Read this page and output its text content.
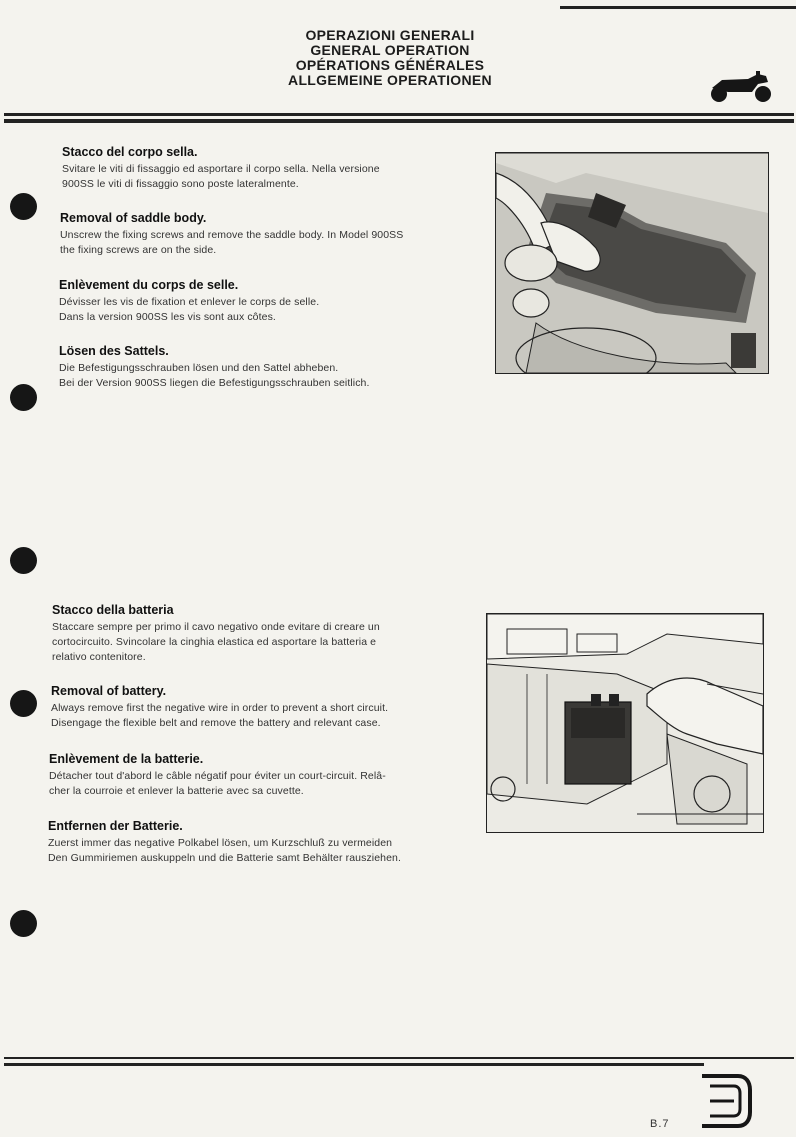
OPERAZIONI GENERALI
GENERAL OPERATION
OPÉRATIONS GÉNÉRALES
ALLGEMEINE OPERATIONEN
Stacco del corpo sella.

Svitare le viti di fissaggio ed asportare il corpo sella. Nella versione
900SS le viti di fissaggio sono poste lateralmente.

Removal of saddle body.

Unscrew the fixing screws and remove the saddle body. In Model 900SS
the fixing screws are on the side.

Enlèvement du corps de selle.

Dévisser les vis de fixation et enlever le corps de selle.
Dans la version 900SS les vis sont aux côtes.

Lösen des Sattels.

Die Befestigungsschrauben lösen und den Sattel abheben.
Bei der Version 900SS liegen die Befestigungsschrauben seitlich.

Stacco della batteria

Staccare sempre per primo il cavo negativo onde evitare di creare un
cortocircuito. Svincolare la cinghia elastica ed asportare la batteria e
relativo contenitore.

Removal of battery.

Always remove first the negative wire in order to prevent a short circuit.
Disengage the flexible belt and remove the battery and relevant case.

Enlèvement de la batterie.

Détacher tout d'abord le câble négatif pour éviter un court-circuit. Relâ-
cher la courroie et enlever la batterie avec sa cuvette.

Entfernen der Batterie.

Zuerst immer das negative Polkabel lösen, um Kurzschluß zu vermeiden
Den Gummiriemen auskuppeln und die Batterie samt Behälter rausziehen.

B.7
